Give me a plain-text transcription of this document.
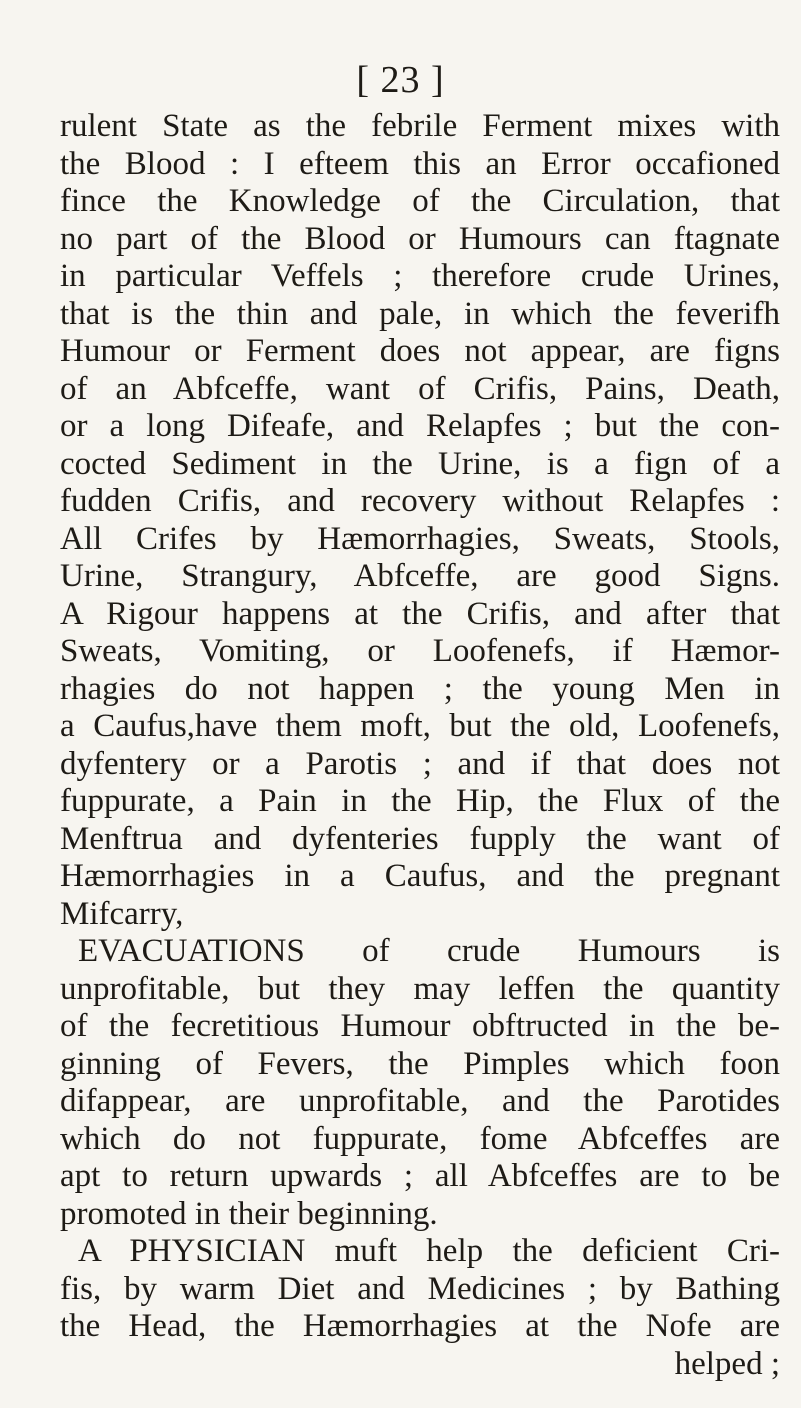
[ 23 ]
rulent State as the febrile Ferment mixes with
the Blood : I efteem this an Error occafioned
fince the Knowledge of the Circulation, that
no part of the Blood or Humours can ftagnate
in particular Veffels ; therefore crude Urines,
that is the thin and pale, in which the feverifh
Humour or Ferment does not appear, are figns
of an Abfceffe, want of Crifis, Pains, Death,
or a long Difeafe, and Relapfes ; but the con-
cocted Sediment in the Urine, is a fign of a
fudden Crifis, and recovery without Relapfes :
All Crifes by Hæmorrhagies, Sweats, Stools,
Urine, Strangury, Abfceffe, are good Signs.
A Rigour happens at the Crifis, and after that
Sweats, Vomiting, or Loofenefs, if Hæmor-
rhagies do not happen ; the young Men in
a Caufus,have them moft, but the old, Loofenefs,
dyfentery or a Parotis ; and if that does not
fuppurate, a Pain in the Hip, the Flux of the
Menftrua and dyfenteries fupply the want of
Hæmorrhagies in a Caufus, and the pregnant
Mifcarry,
EVACUATIONS of crude Humours is
unprofitable, but they may leffen the quantity
of the fecretitious Humour obftructed in the be-
ginning of Fevers, the Pimples which foon
difappear, are unprofitable, and the Parotides
which do not fuppurate, fome Abfceffes are
apt to return upwards ; all Abfceffes are to be
promoted in their beginning.
A PHYSICIAN muft help the deficient Cri-
fis, by warm Diet and Medicines ; by Bathing
the Head, the Hæmorrhagies at the Nofe are
helped ;
